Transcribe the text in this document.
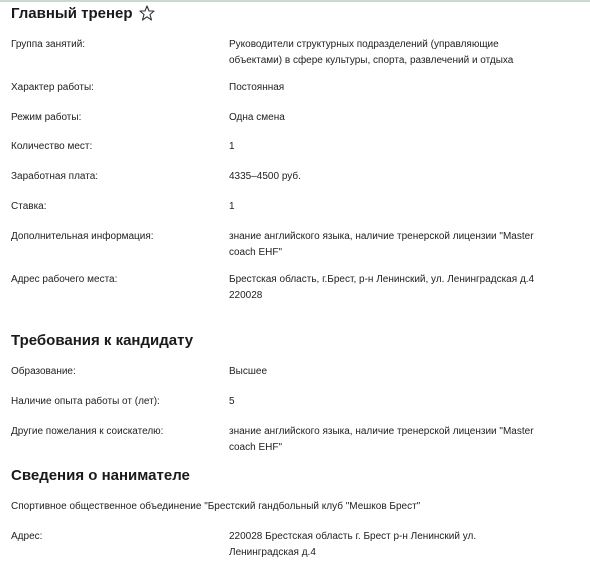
Главный тренер
Группа занятий:	Руководители структурных подразделений (управляющие объектами) в сфере культуры, спорта, развлечений и отдыха
Характер работы:	Постоянная
Режим работы:	Одна смена
Количество мест:	1
Заработная плата:	4335–4500 руб.
Ставка:	1
Дополнительная информация:	знание английского языка, наличие тренерской лицензии "Master coach EHF"
Адрес рабочего места:	Брестская область, г.Брест, р-н Ленинский, ул. Ленинградская д.4 220028
Требования к кандидату
Образование:	Высшее
Наличие опыта работы от (лет):	5
Другие пожелания к соискателю:	знание английского языка, наличие тренерской лицензии "Master coach EHF"
Сведения о нанимателе
Спортивное общественное объединение "Брестский гандбольный клуб "Мешков Брест"
Адрес:	220028 Брестская область г. Брест р-н Ленинский ул. Ленинградская д.4
